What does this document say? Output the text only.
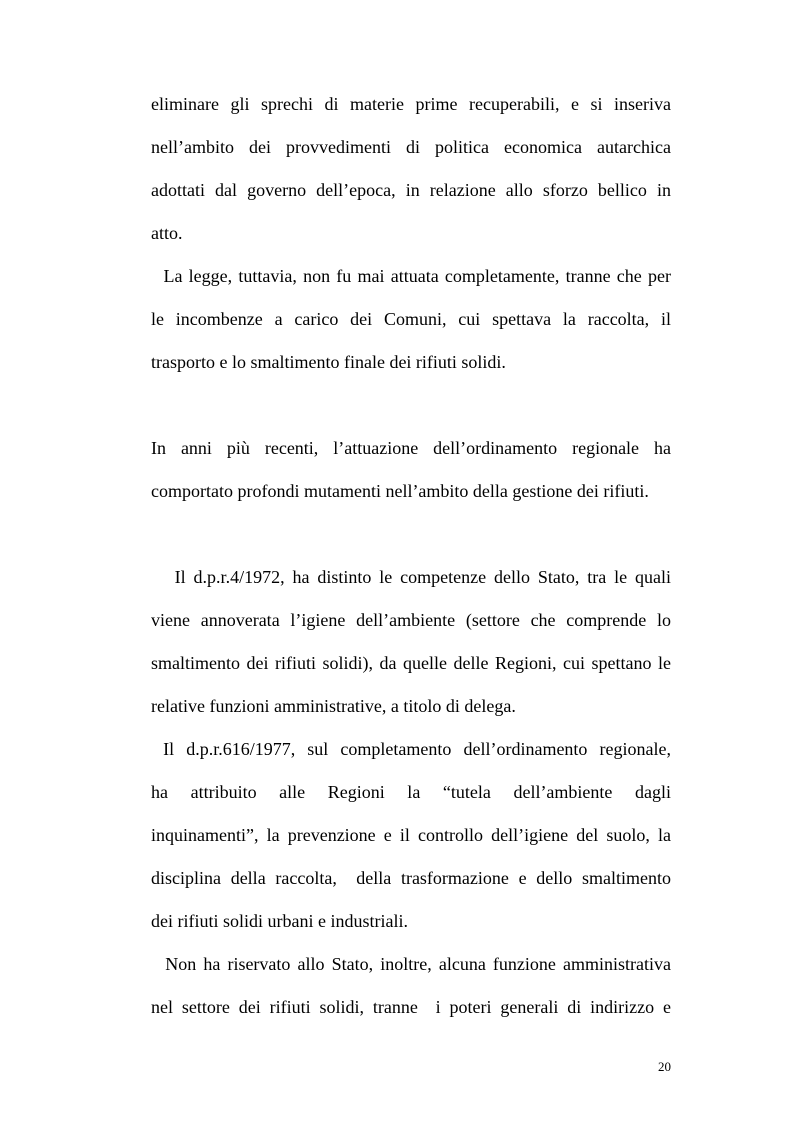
eliminare gli sprechi di materie prime recuperabili, e si inseriva
nell’ambito dei provvedimenti di politica economica autarchica
adottati dal governo dell’epoca, in relazione allo sforzo bellico in
atto.
La legge, tuttavia, non fu mai attuata completamente, tranne che per
le incombenze a carico dei Comuni, cui spettava la raccolta, il
trasporto e lo smaltimento finale dei rifiuti solidi.
In anni più recenti, l’attuazione dell’ordinamento regionale ha
comportato profondi mutamenti nell’ambito della gestione dei rifiuti.
Il d.p.r.4/1972, ha distinto le competenze dello Stato, tra le quali
viene annoverata l’igiene dell’ambiente (settore che comprende lo
smaltimento dei rifiuti solidi), da quelle delle Regioni, cui spettano le
relative funzioni amministrative, a titolo di delega.
Il d.p.r.616/1977, sul completamento dell’ordinamento regionale,
ha attribuito alle Regioni la “tutela dell’ambiente dagli
inquinamenti”, la prevenzione e il controllo dell’igiene del suolo, la
disciplina della raccolta,  della trasformazione e dello smaltimento
dei rifiuti solidi urbani e industriali.
Non ha riservato allo Stato, inoltre, alcuna funzione amministrativa
nel settore dei rifiuti solidi, tranne  i poteri generali di indirizzo e
20
